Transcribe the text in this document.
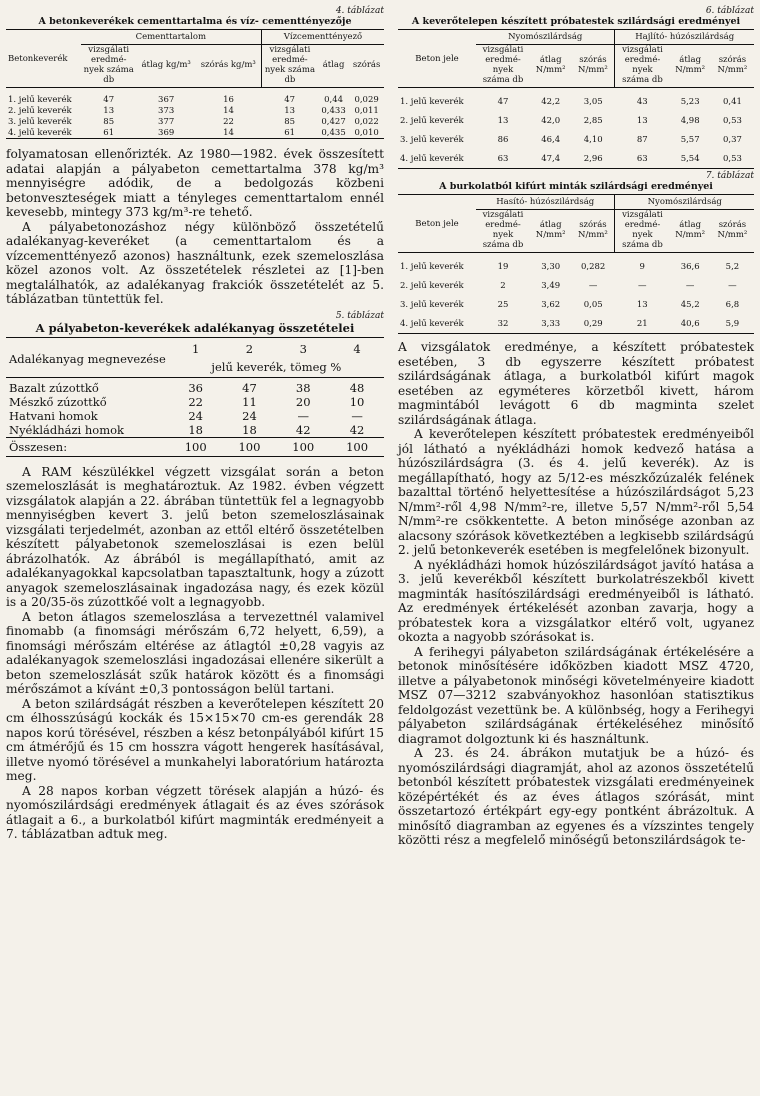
4. táblázat
A betonkeverékek cementtartalma és víz- cementtényezője
Betonkeverék	Cementtartalom			Vízcementtényező		
	vizsgálati eredmé- nyek száma db	átlag kg/m³	szórás kg/m³	vizsgálati eredmé- nyek száma db	átlag	szórás
1. jelű keverék	47	367	16	47	0,44	0,029
2. jelű keverék	13	373	14	13	0,433	0,011
3. jelű keverék	85	377	22	85	0,427	0,022
4. jelű keverék	61	369	14	61	0,435	0,010

folyamatosan ellenőrizték. Az 1980—1982. évek összesített adatai alapján a pályabeton cemettartalma 378 kg/m³ mennyiségre adódik, de a bedolgozás közbeni betonveszteségek miatt a tényleges cementtartalom ennél kevesebb, mintegy 373 kg/m³-re tehető.

A pályabetonozáshoz négy különböző összetételű adalékanyag-keveréket (a cementtartalom és a vízcementtényező azonos) használtunk, ezek szemeloszlása közel azonos volt. Az összetételek részletei az [1]-ben megtalálhatók, az adalékanyag frakciók összetételét az 5. táblázatban tüntettük fel.

5. táblázat
A pályabeton-keverékek adalékanyag összetételei
Adalékanyag megnevezése	1	2	3	4
	jelű keverék, tömeg %			
Bazalt zúzottkő	36	47	38	48
Mészkő zúzottkő	22	11	20	10
Hatvani homok	24	24	—	—
Nyékládházi homok	18	18	42	42
Összesen:	100	100	100	100

A RAM készülékkel végzett vizsgálat során a beton szemeloszlását is meghatároztuk. Az 1982. évben végzett vizsgálatok alapján a 22. ábrában tüntettük fel a legnagyobb mennyiségben kevert 3. jelű beton szemeloszlásainak vizsgálati terjedelmét, azonban az ettől eltérő összetételben készített pályabetonok szemeloszlásai is ezen belül ábrázolhatók. Az ábrából is megállapítható, amit az adalékanyagokkal kapcsolatban tapasztaltunk, hogy a zúzott anyagok szemeloszlásainak ingadozása nagy, és ezek közül is a 20/35-ös zúzottkőé volt a legnagyobb.

A beton átlagos szemeloszlása a tervezettnél valamivel finomabb (a finomsági mérőszám 6,72 helyett, 6,59), a finomsági mérőszám eltérése az átlagtól ±0,28 vagyis az adalékanyagok szemeloszlási ingadozásai ellenére sikerült a beton szemeloszlását szűk határok között és a finomsági mérőszámot a kívánt ±0,3 pontosságon belül tartani.

A beton szilárdságát részben a keverőtelepen készített 20 cm élhosszúságú kockák és 15×15×70 cm-es gerendák 28 napos korú törésével, részben a kész betonpályából kifúrt 15 cm átmérőjű és 15 cm hosszra vágott hengerek hasításával, illetve nyomó törésével a munkahelyi laboratórium határozta meg.

A 28 napos korban végzett törések alapján a húzó- és nyomószilárdsági eredmények átlagait és az éves szórások átlagait a 6., a burkolatból kifúrt magminták eredményeit a 7. táblázatban adtuk meg.

6. táblázat
A keverőtelepen készített próbatestek szilárdsági eredményei
Beton jele	Nyomószilárdság			Hajlító- húzószilárdság		
	vizsgálati eredmé- nyek száma db	átlag N/mm²	szórás N/mm²	vizsgálati eredmé- nyek száma db	átlag N/mm²	szórás N/mm²
1. jelű keverék	47	42,2	3,05	43	5,23	0,41
2. jelű keverék	13	42,0	2,85	13	4,98	0,53
3. jelű keverék	86	46,4	4,10	87	5,57	0,37
4. jelű keverék	63	47,4	2,96	63	5,54	0,53
7. táblázat
A burkolatból kifúrt minták szilárdsági eredményei
Beton jele	Hasító- húzószilárdság			Nyomószilárdság		
	vizsgálati eredmé- nyek száma db	átlag N/mm²	szórás N/mm²	vizsgálati eredmé- nyek száma db	átlag N/mm²	szórás N/mm²
1. jelű keverék	19	3,30	0,282	9	36,6	5,2
2. jelű keverék	2	3,49	—	—	—	—
3. jelű keverék	25	3,62	0,05	13	45,2	6,8
4. jelű keverék	32	3,33	0,29	21	40,6	5,9

A vizsgálatok eredménye, a készített próbatestek esetében, 3 db egyszerre készített próbatest szilárdságának átlaga, a burkolatból kifúrt magok esetében az egyméteres körzetből kivett, három magmintából levágott 6 db magminta szelet szilárdságának átlaga.

A keverőtelepen készített próbatestek eredményeiből jól látható a nyékládházi homok kedvező hatása a húzószilárdságra (3. és 4. jelű keverék). Az is megállapítható, hogy az 5/12-es mészkőzúzalék felének bazalttal történő helyettesítése a húzószilárdságot 5,23 N/mm²-ről 4,98 N/mm²-re, illetve 5,57 N/mm²-ről 5,54 N/mm²-re csökkentette. A beton minősége azonban az alacsony szórások következtében a legkisebb szilárdságú 2. jelű betonkeverék esetében is megfelelőnek bizonyult.

A nyékládházi homok húzószilárdságot javító hatása a 3. jelű keverékből készített burkolatrészekből kivett magminták hasítószilárdsági eredményeiből is látható. Az eredmények értékelését azonban zavarja, hogy a próbatestek kora a vizsgálatkor eltérő volt, ugyanez okozta a nagyobb szórásokat is.

A ferihegyi pályabeton szilárdságának értékelésére a betonok minősítésére időközben kiadott MSZ 4720, illetve a pályabetonok minőségi követelményeire kiadott MSZ 07—3212 szabványokhoz hasonlóan statisztikus feldolgozást vezettünk be. A különbség, hogy a Ferihegyi pályabeton szilárdságának értékeléséhez minősítő diagramot dolgoztunk ki és használtunk.

A 23. és 24. ábrákon mutatjuk be a húzó- és nyomószilárdsági diagramját, ahol az azonos összetételű betonból készített próbatestek vizsgálati eredményeinek középértékét és az éves átlagos szórását, mint összetartozó értékpárt egy-egy pontként ábrázoltuk. A minősítő diagramban az egyenes és a vízszintes tengely közötti rész a megfelelő minőségű betonszilárdságok te-
